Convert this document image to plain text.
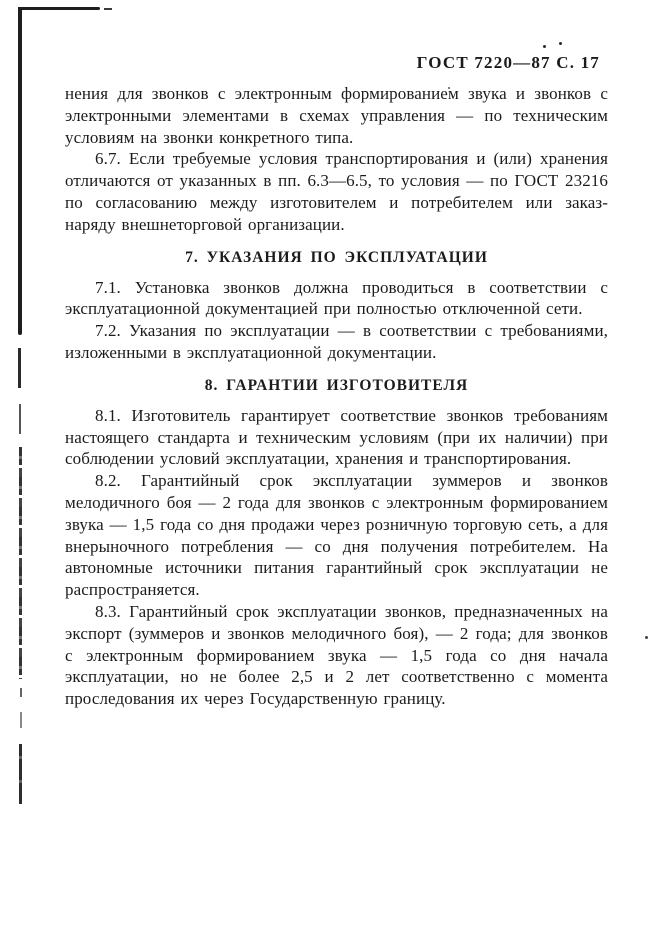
ГОСТ 7220—87 С. 17

нения для звонков с электронным формированием звука и звонков с электронными элементами в схемах управления — по техническим условиям на звонки конкретного типа.

6.7. Если требуемые условия транспортирования и (или) хранения отличаются от указанных в пп. 6.3—6.5, то условия — по ГОСТ 23216 по согласованию между изготовителем и потребителем или заказ-наряду внешнеторговой организации.

7. УКАЗАНИЯ ПО ЭКСПЛУАТАЦИИ

7.1. Установка звонков должна проводиться в соответствии с эксплуатационной документацией при полностью отключенной сети.

7.2. Указания по эксплуатации — в соответствии с требованиями, изложенными в эксплуатационной документации.

8. ГАРАНТИИ ИЗГОТОВИТЕЛЯ

8.1. Изготовитель гарантирует соответствие звонков требованиям настоящего стандарта и техническим условиям (при их наличии) при соблюдении условий эксплуатации, хранения и транспортирования.

8.2. Гарантийный срок эксплуатации зуммеров и звонков мелодичного боя — 2 года для звонков с электронным формированием звука — 1,5 года со дня продажи через розничную торговую сеть, а для внерыночного потребления — со дня получения потребителем. На автономные источники питания гарантийный срок эксплуатации не распространяется.

8.3. Гарантийный срок эксплуатации звонков, предназначенных на экспорт (зуммеров и звонков мелодичного боя), — 2 года; для звонков с электронным формированием звука — 1,5 года со дня начала эксплуатации, но не более 2,5 и 2 лет соответственно с момента проследования их через Государственную границу.
